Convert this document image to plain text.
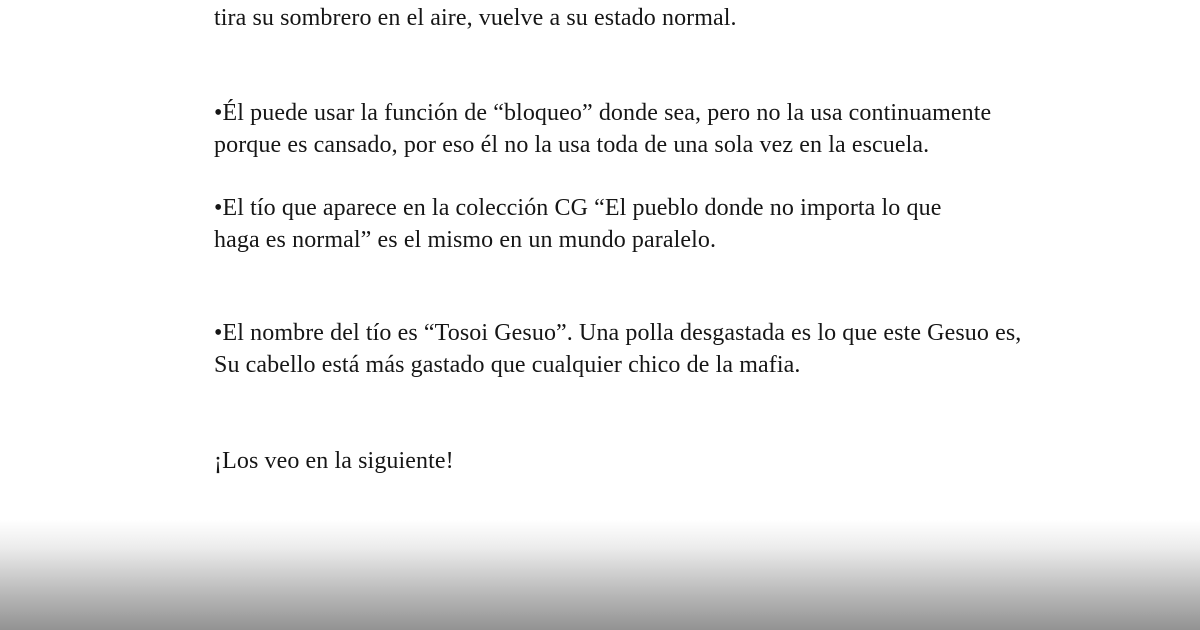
tira su sombrero en el aire, vuelve a su estado normal.

•Él puede usar la función de “bloqueo” donde sea, pero no la usa continuamente
porque es cansado, por eso él no la usa toda de una sola vez en la escuela.

•El tío que aparece en la colección CG “El pueblo donde no importa lo que
haga es normal” es el mismo en un mundo paralelo.

•El nombre del tío es “Tosoi Gesuo”. Una polla desgastada es lo que este Gesuo es,
Su cabello está más gastado que cualquier chico de la mafia.

¡Los veo en la siguiente!
